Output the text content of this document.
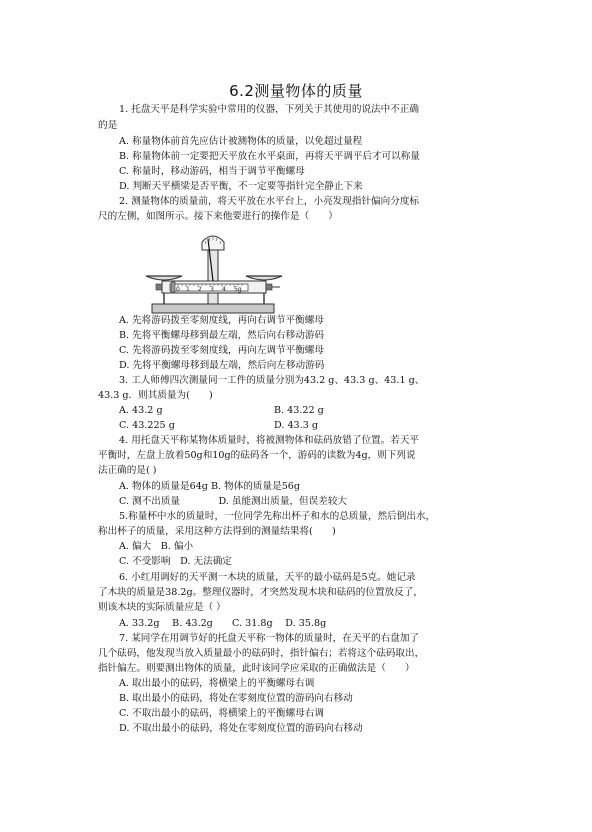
6.2测量物体的质量
1. 托盘天平是科学实验中常用的仪器，下列关于其使用的说法中不正确
的是
A. 称量物体前首先应估计被测物体的质量，以免超过量程
B. 称量物体前一定要把天平放在水平桌面，再将天平调平后才可以称量
C. 称量时，移动游码，相当于调节平衡螺母
D. 判断天平横梁是否平衡，不一定要等指针完全静止下来
2. 测量物体的质量前，将天平放在水平台上，小亮发现指针偏向分度标
尺的左侧，如图所示。接下来他要进行的操作是（　　）
0 1 2 3 4 5g
A. 先将游码拨至零刻度线，再向右调节平衡螺母
B. 先将平衡螺母移到最左端，然后向右移动游码
C. 先将游码拨至零刻度线，再向左调节平衡螺母
D. 先将平衡螺母移到最左端，然后向左移动游码
3. 工人师傅四次测量同一工件的质量分别为43.2 g、43.3 g、43.1 g、
43.3 g．则其质量为(　　)
A. 43.2 g	B. 43.22 g
C. 43.225 g	D. 43.3 g
4. 用托盘天平称某物体质量时，将被测物体和砝码放错了位置。若天平
平衡时，左盘上放着50g和10g的砝码各一个，游码的读数为4g，则下列说
法正确的是( )
A. 物体的质量是64g B. 物体的质量是56g
C. 测不出质量　　　　D. 虽能测出质量，但误差较大
5.称量杯中水的质量时，一位同学先称出杯子和水的总质量，然后倒出水，
称出杯子的质量，采用这种方法得到的测量结果将(　　)
A. 偏大　B. 偏小
C. 不受影响　D. 无法确定
6. 小红用调好的天平测一木块的质量，天平的最小砝码是5克。她记录
了木块的质量是38.2g。整理仪器时，才突然发现木块和砝码的位置放反了，
则该木块的实际质量应是（ ）
A. 33.2g　 B. 43.2g　　C. 31.8g　 D. 35.8g
7. 某同学在用调节好的托盘天平称一物体的质量时，在天平的右盘加了
几个砝码，他发现当放入质量最小的砝码时，指针偏右；若将这个砝码取出，
指针偏左。则要测出物体的质量，此时该同学应采取的正确做法是（　　）
A. 取出最小的砝码，将横梁上的平衡螺母右调
B. 取出最小的砝码，将处在零刻度位置的游码向右移动
C. 不取出最小的砝码，将横梁上的平衡螺母右调
D. 不取出最小的砝码，将处在零刻度位置的游码向右移动
